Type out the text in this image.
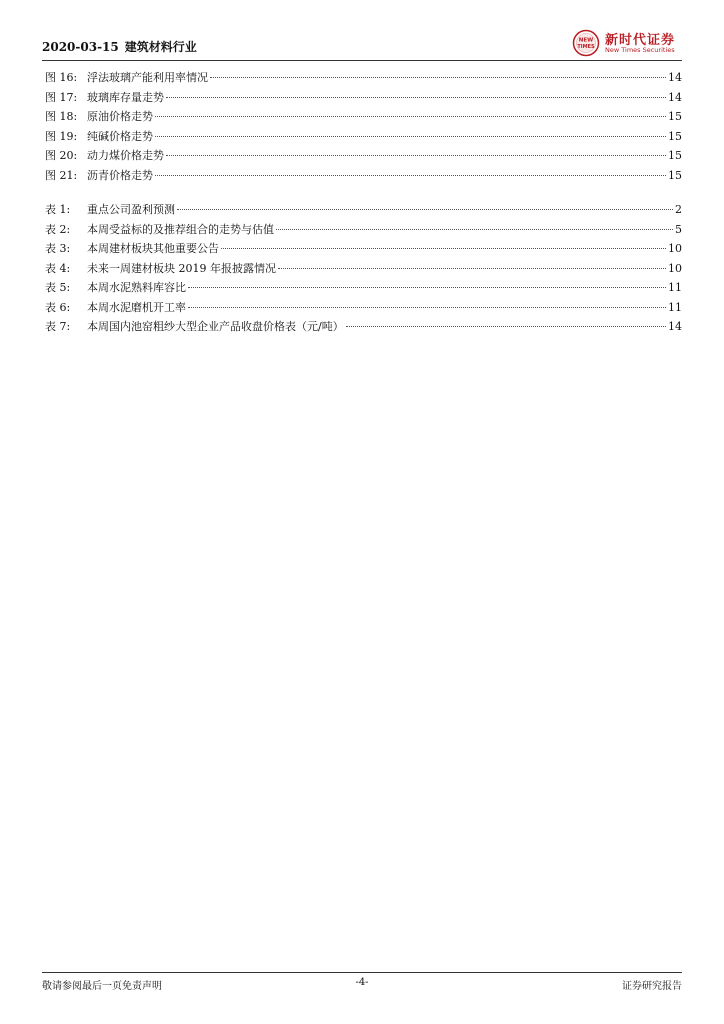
2020-03-15 建筑材料行业	NEW
TIMES 新时代证券
New Times Securities
图 16: 浮法玻璃产能利用率情况	14
图 17: 玻璃库存量走势	14
图 18: 原油价格走势	15
图 19: 纯碱价格走势	15
图 20: 动力煤价格走势	15
图 21: 沥青价格走势	15
表 1:	重点公司盈利预测	2
表 2:	本周受益标的及推荐组合的走势与估值	5
表 3:	本周建材板块其他重要公告	10
表 4:	未来一周建材板块 2019 年报披露情况	10
表 5:	本周水泥熟料库容比	11
表 6:	本周水泥磨机开工率	11
表 7:	本周国内池窑粗纱大型企业产品收盘价格表（元/吨）	14
敬请参阅最后一页免责声明	-4-	证券研究报告
